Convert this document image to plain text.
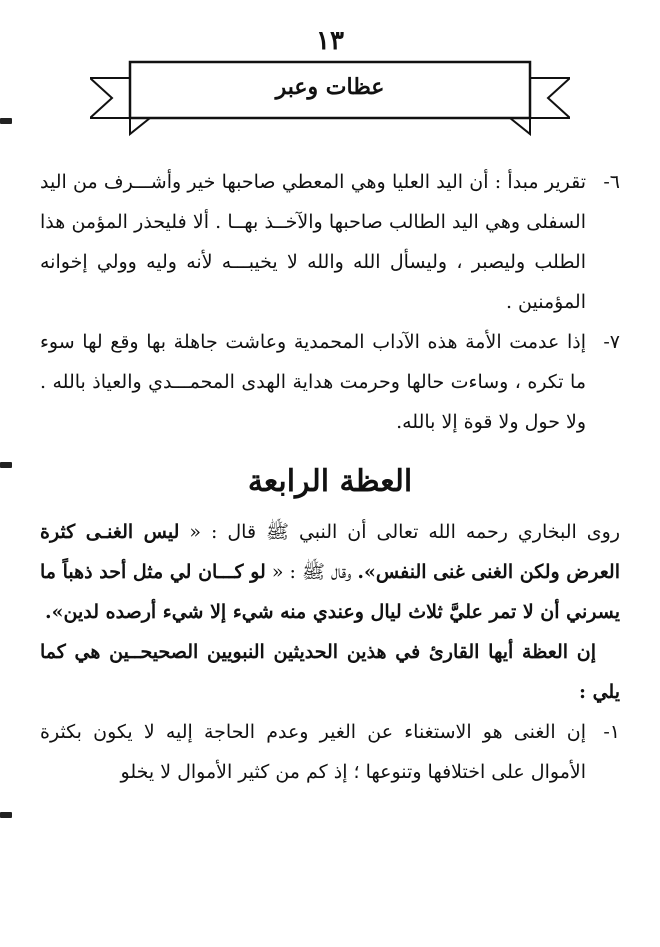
١٣
عظات وعبر
٦-
تقرير مبدأ : أن اليد العليا وهي المعطي صاحبها خير وأشـــرف من اليد السفلى وهي اليد الطالب صاحبها والآخــذ بهــا . ألا فليحذر المؤمن هذا الطلب وليصبر ، وليسأل الله والله لا يخيبـــه لأنه وليه وولي إخوانه المؤمنين .
٧-
إذا عدمت الأمة هذه الآداب المحمدية وعاشت جاهلة بها وقع لها سوء ما تكره ، وساءت حالها وحرمت هداية الهدى المحمـــدي والعياذ بالله . ولا حول ولا قوة إلا بالله.
العظة الرابعة

روى البخاري رحمه الله تعالى أن النبي ﷺ قال : « ليس الغنـى كثرة العرض ولكن الغنى غنى النفس». وقال ﷺ : « لو كـــان لي مثل أحد ذهباً ما يسرني أن لا تمر عليَّ ثلاث ليال وعندي منه شيء إلا شيء أرصده لدين».

إن العظة أيها القارئ في هذين الحديثين النبويين الصحيحــين هي كما يلي :

١-
إن الغنى هو الاستغناء عن الغير وعدم الحاجة إليه لا يكون بكثرة الأموال على اختلافها وتنوعها ؛ إذ كم من كثير الأموال لا يخلو
